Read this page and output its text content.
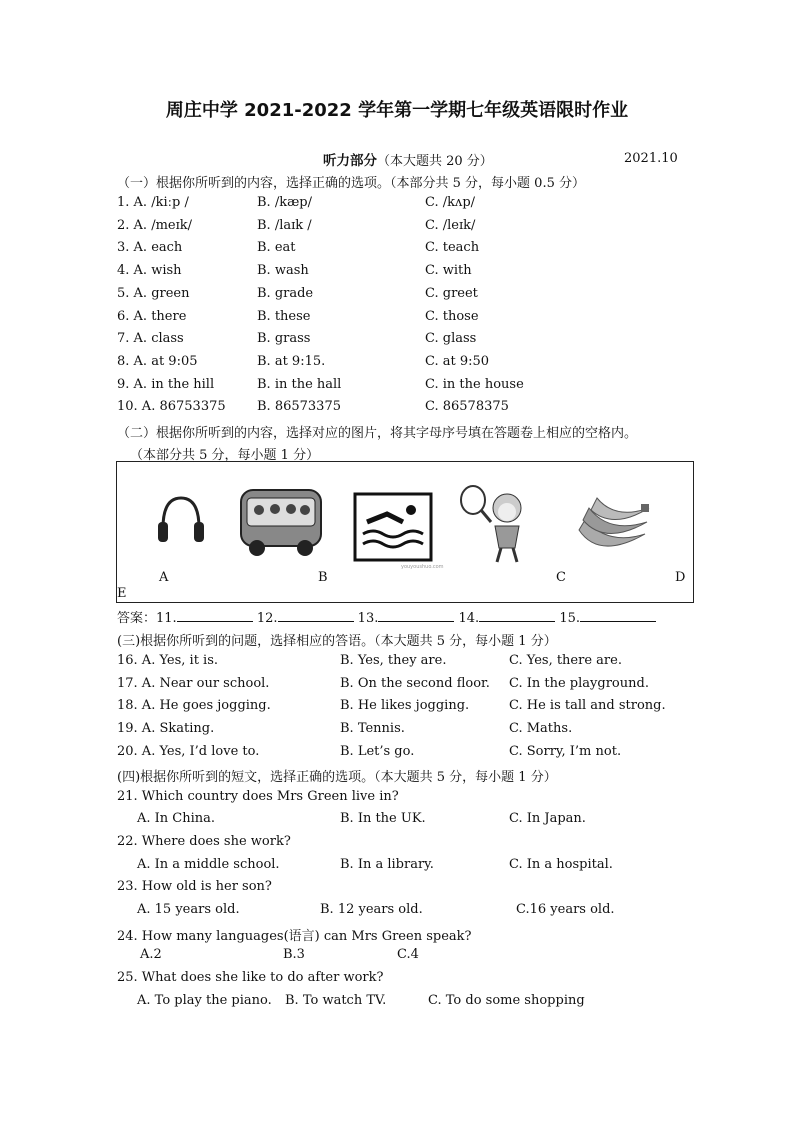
周庄中学 2021-2022 学年第一学期七年级英语限时作业
听力部分（本大题共 20 分）	2021.10
（一）根据你所听到的内容，选择正确的选项。（本部分共 5 分，每小题 0.5 分）
1. A. /kiːp /	B. /kæp/	C. /kʌp/
2. A. /meɪk/	B. /laɪk /	C. /leɪk/
3. A. each	B. eat	C. teach
4. A. wish	B. wash	C. with
5. A. green	B. grade	C. greet
6. A. there	B. these	C. those
7. A. class	B. grass	C. glass
8. A. at 9:05	B. at 9:15.	C. at 9:50
9. A. in the hill	B. in the hall	C. in the house
10. A. 86753375 B. 86573375	C. 86578375
（二）根据你所听到的内容，选择对应的图片，将其字母序号填在答题卷上相应的空格内。
（本部分共 5 分，每小题 1 分）
youyoushuo.com
A	B	C	D
E
答案：11.	12.	13.	14.	15.
(三)根据你所听到的问题，选择相应的答语。（本大题共 5 分，每小题 1 分）
16. A. Yes, it is.	B. Yes, they are.	C. Yes, there are.
17. A. Near our school.	B. On the second floor. C. In the playground.
18. A. He goes jogging.	B. He likes jogging.	C. He is tall and strong.
19. A. Skating.	B. Tennis.	C. Maths.
20. A. Yes, I’d love to.	B. Let’s go.	C. Sorry, I’m not.
(四)根据你所听到的短文，选择正确的选项。（本大题共 5 分，每小题 1 分）
21. Which country does Mrs Green live in?
A. In China.	B. In the UK.	C. In Japan.
22. Where does she work?
A. In a middle school.	B. In a library.	C. In a hospital.
23. How old is her son?
A. 15 years old.	B. 12 years old.	C.16 years old.
24. How many languages(语言) can Mrs Green speak?
A.2	B.3	C.4
25. What does she like to do after work?
A. To play the piano. B. To watch TV.	C. To do some shopping
